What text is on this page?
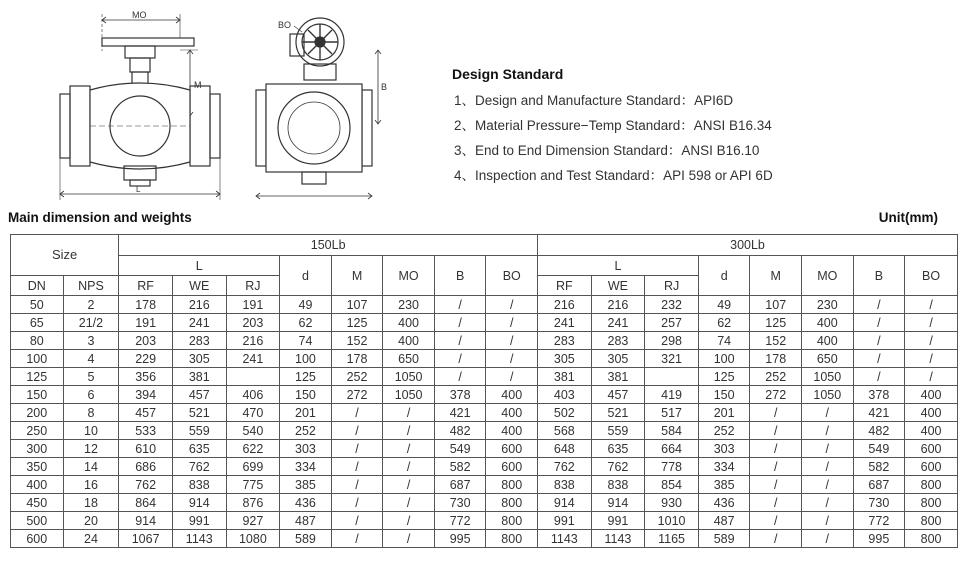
MO
M
L
BO
B
Design Standard
1、Design and Manufacture Standard：API6D
2、Material Pressure−Temp Standard：ANSI B16.34
3、End to End Dimension Standard：ANSI B16.10
4、Inspection and Test Standard：API 598 or API 6D
Main dimension and weights	Unit(mm)
Size		150Lb								300Lb							
		L			d	M	MO	B	BO	L			d	M	MO	B	BO
DN	NPS	RF	WE	RJ						RF	WE	RJ					
50	2	178	216	191	49	107	230	/	/	216	216	232	49	107	230	/	/
65	21/2	191	241	203	62	125	400	/	/	241	241	257	62	125	400	/	/
80	3	203	283	216	74	152	400	/	/	283	283	298	74	152	400	/	/
100	4	229	305	241	100	178	650	/	/	305	305	321	100	178	650	/	/
125	5	356	381		125	252	1050	/	/	381	381		125	252	1050	/	/
150	6	394	457	406	150	272	1050	378	400	403	457	419	150	272	1050	378	400
200	8	457	521	470	201	/	/	421	400	502	521	517	201	/	/	421	400
250	10	533	559	540	252	/	/	482	400	568	559	584	252	/	/	482	400
300	12	610	635	622	303	/	/	549	600	648	635	664	303	/	/	549	600
350	14	686	762	699	334	/	/	582	600	762	762	778	334	/	/	582	600
400	16	762	838	775	385	/	/	687	800	838	838	854	385	/	/	687	800
450	18	864	914	876	436	/	/	730	800	914	914	930	436	/	/	730	800
500	20	914	991	927	487	/	/	772	800	991	991	1010	487	/	/	772	800
600	24	1067	1143	1080	589	/	/	995	800	1143	1143	1165	589	/	/	995	800
